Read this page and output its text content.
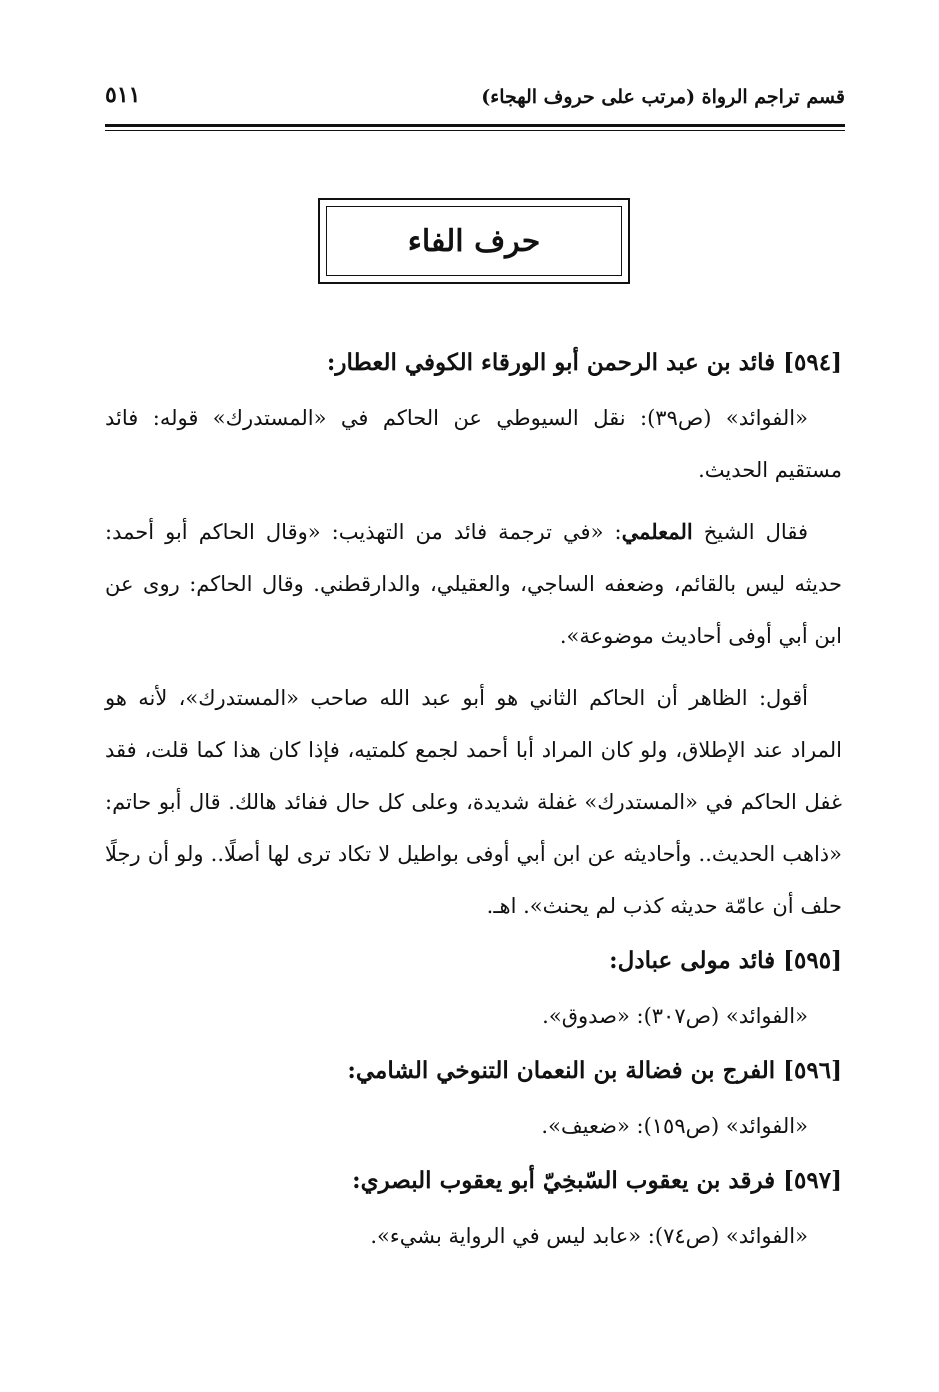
قسم تراجم الرواة (مرتب على حروف الهجاء)
٥١١
حرف الفاء
[٥٩٤] فائد بن عبد الرحمن أبو الورقاء الكوفي العطار:

«الفوائد» (ص٣٩): نقل السيوطي عن الحاكم في «المستدرك» قوله: فائد مستقيم الحديث.

فقال الشيخ المعلمي: «في ترجمة فائد من التهذيب: «وقال الحاكم أبو أحمد: حديثه ليس بالقائم، وضعفه الساجي، والعقيلي، والدارقطني. وقال الحاكم: روى عن ابن أبي أوفى أحاديث موضوعة».

أقول: الظاهر أن الحاكم الثاني هو أبو عبد الله صاحب «المستدرك»، لأنه هو المراد عند الإطلاق، ولو كان المراد أبا أحمد لجمع كلمتيه، فإذا كان هذا كما قلت، فقد غفل الحاكم في «المستدرك» غفلة شديدة، وعلى كل حال ففائد هالك. قال أبو حاتم: «ذاهب الحديث.. وأحاديثه عن ابن أبي أوفى بواطيل لا تكاد ترى لها أصلًا.. ولو أن رجلًا حلف أن عامّة حديثه كذب لم يحنث». اهـ.

[٥٩٥] فائد مولى عبادل:

«الفوائد» (ص٣٠٧): «صدوق».

[٥٩٦] الفرج بن فضالة بن النعمان التنوخي الشامي:

«الفوائد» (ص١٥٩): «ضعيف».

[٥٩٧] فرقد بن يعقوب السّبخِيّ أبو يعقوب البصري:

«الفوائد» (ص٧٤): «عابد ليس في الرواية بشيء».
